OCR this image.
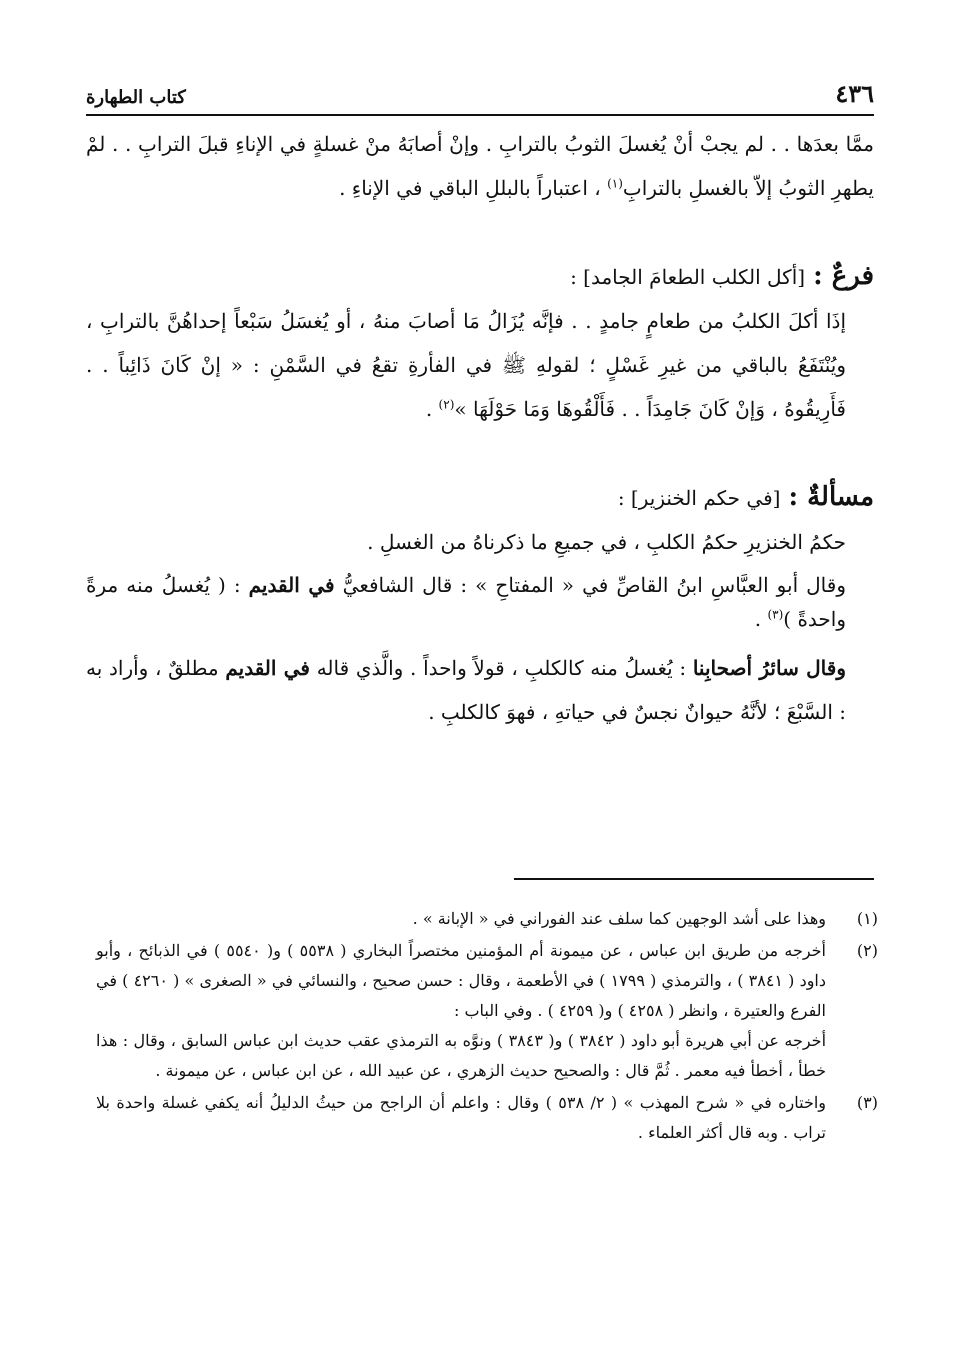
٤٣٦
كتاب الطهارة

ممَّا بعدَها . . لم يجبْ أنْ يُغسلَ الثوبُ بالترابِ . وإنْ أصابَهُ منْ غسلةٍ في الإناءِ قبلَ الترابِ . . لمْ يطهرِ الثوبُ إلاّ بالغسلِ بالترابِ$^{(١)}$ ، اعتباراً بالبللِ الباقي في الإناءِ .

فرعٌ :
[أكل الكلب الطعامَ الجامد] :

إذَا أكلَ الكلبُ من طعامٍ جامدٍ . . فإنَّه يُزَالُ مَا أصابَ منهُ ، أو يُغسَلُ سَبْعاً إحداهُنَّ بالترابِ ، ويُنْتَفَعُ بالباقي من غيرِ غَسْلٍ ؛ لقولهِ ﷺ في الفأرةِ تقعُ في السَّمْنِ : « إنْ كَانَ ذَائِباً . . فَأَرِيقُوهُ ، وَإنْ كَانَ جَامِدَاً . . فَأَلْقُوهَا وَمَا حَوْلَهَا »$^{(٢)}$ .

مسألةٌ :
[في حكم الخنزير] :

حكمُ الخنزيرِ حكمُ الكلبِ ، في جميعِ ما ذكرناهُ من الغسلِ .

وقال أبو العبَّاسِ ابنُ القاصِّ في « المفتاحِ » : قال الشافعيُّ في القديم : ( يُغسلُ منه مرةً واحدةً )$^{(٣)}$ .

وقال سائرُ أصحابِنا : يُغسلُ منه كالكلبِ ، قولاً واحداً . والَّذي قاله في القديم مطلقٌ ، وأراد به : السَّبْعَ ؛ لأنَّهُ حيوانٌ نجسٌ في حياتهِ ، فهوَ كالكلبِ .

(١)

وهذا على أشد الوجهين كما سلف عند الفوراني في « الإبانة » .

(٢)

أخرجه من طريق ابن عباس ، عن ميمونة أم المؤمنين مختصراً البخاري ( ٥٥٣٨ ) و( ٥٥٤٠ ) في الذبائح ، وأبو داود ( ٣٨٤١ ) ، والترمذي ( ١٧٩٩ ) في الأطعمة ، وقال : حسن صحيح ، والنسائي في « الصغرى » ( ٤٢٦٠ ) في الفرع والعتيرة ، وانظر ( ٤٢٥٨ ) و( ٤٢٥٩ ) . وفي الباب :

أخرجه عن أبي هريرة أبو داود ( ٣٨٤٢ ) و( ٣٨٤٣ ) ونوَّه به الترمذي عقب حديث ابن عباس السابق ، وقال : هذا خطأ ، أخطأ فيه معمر . ثُمَّ قال : والصحيح حديث الزهري ، عن عبيد الله ، عن ابن عباس ، عن ميمونة .

(٣)

واختاره في « شرح المهذب » ( ٢/ ٥٣٨ ) وقال : واعلم أن الراجح من حيثُ الدليلُ أنه يكفي غسلة واحدة بلا تراب . وبه قال أكثر العلماء .
